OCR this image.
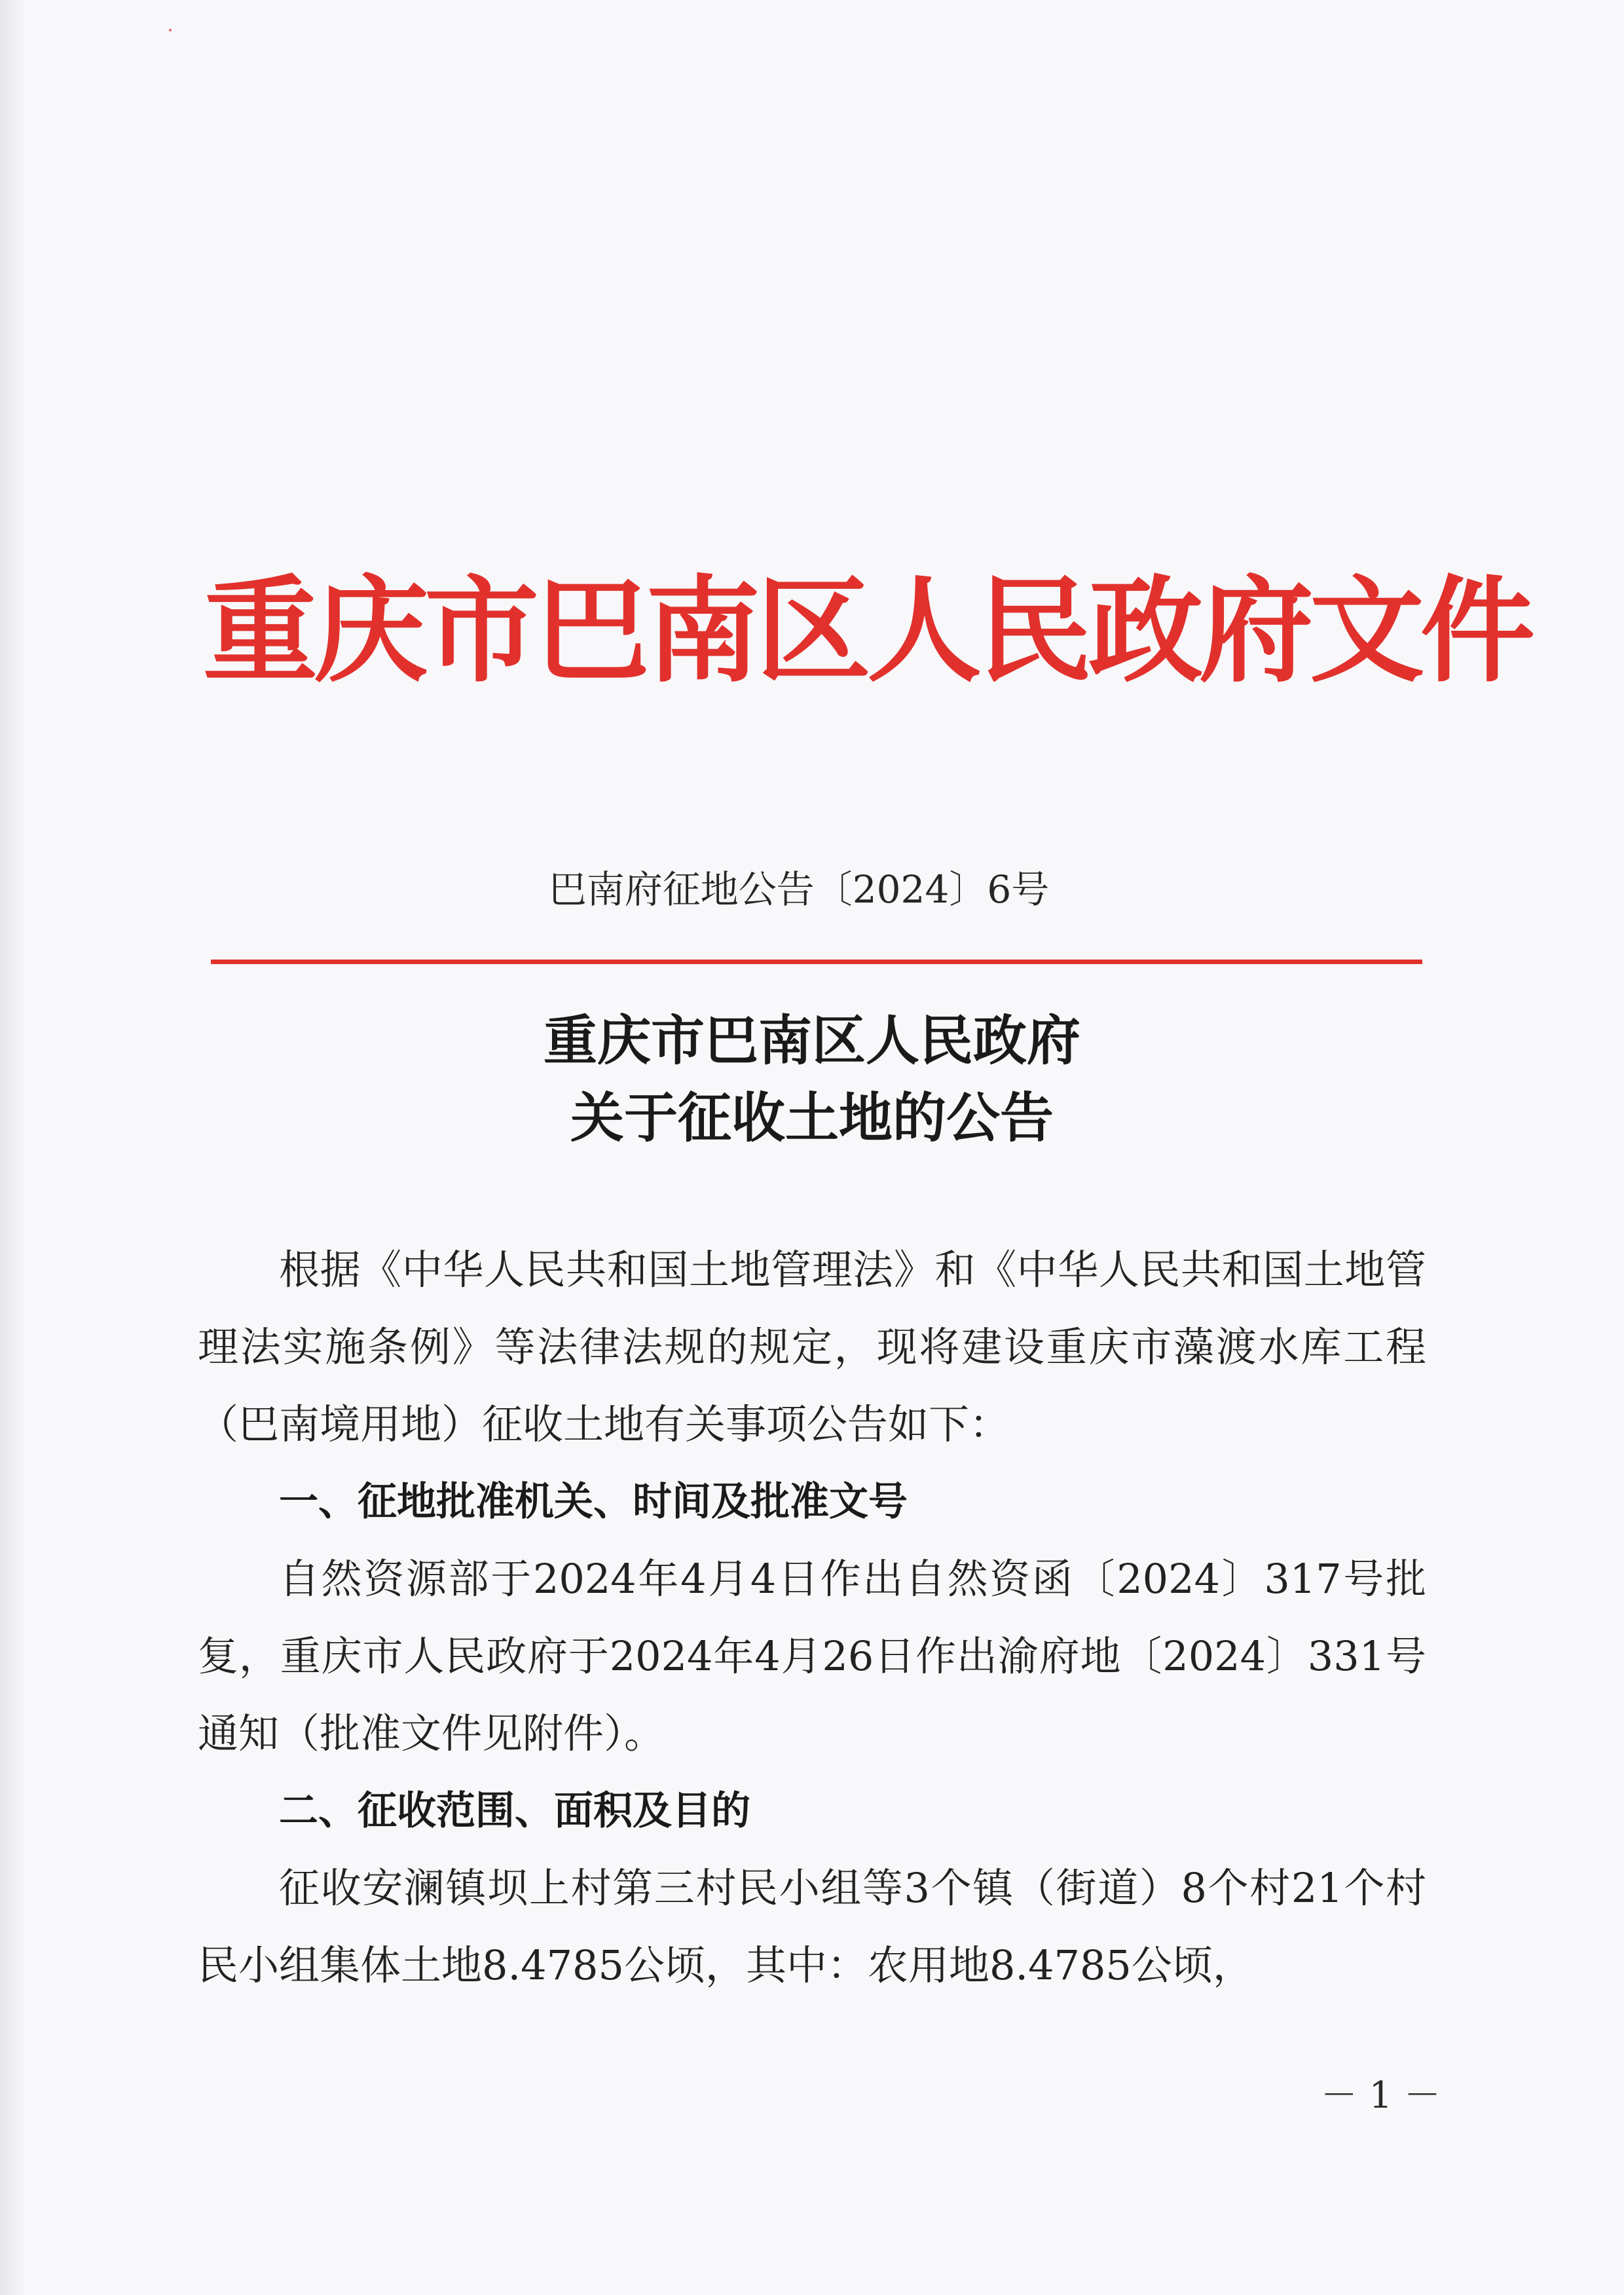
重庆市巴南区人民政府文件
巴南府征地公告〔2024〕6号
重庆市巴南区人民政府
关于征收土地的公告

根据《中华人民共和国土地管理法》和《中华人民共和国土地管理法实施条例》等法律法规的规定，现将建设重庆市藻渡水库工程（巴南境用地）征收土地有关事项公告如下：

一、征地批准机关、时间及批准文号

自然资源部于2024年4月4日作出自然资函〔2024〕317号批复，重庆市人民政府于2024年4月26日作出渝府地〔2024〕331号通知（批准文件见附件）。

二、征收范围、面积及目的

征收安澜镇坝上村第三村民小组等3个镇（街道）8个村21个村民小组集体土地8.4785公顷，其中：农用地8.4785公顷，

－ 1 －
